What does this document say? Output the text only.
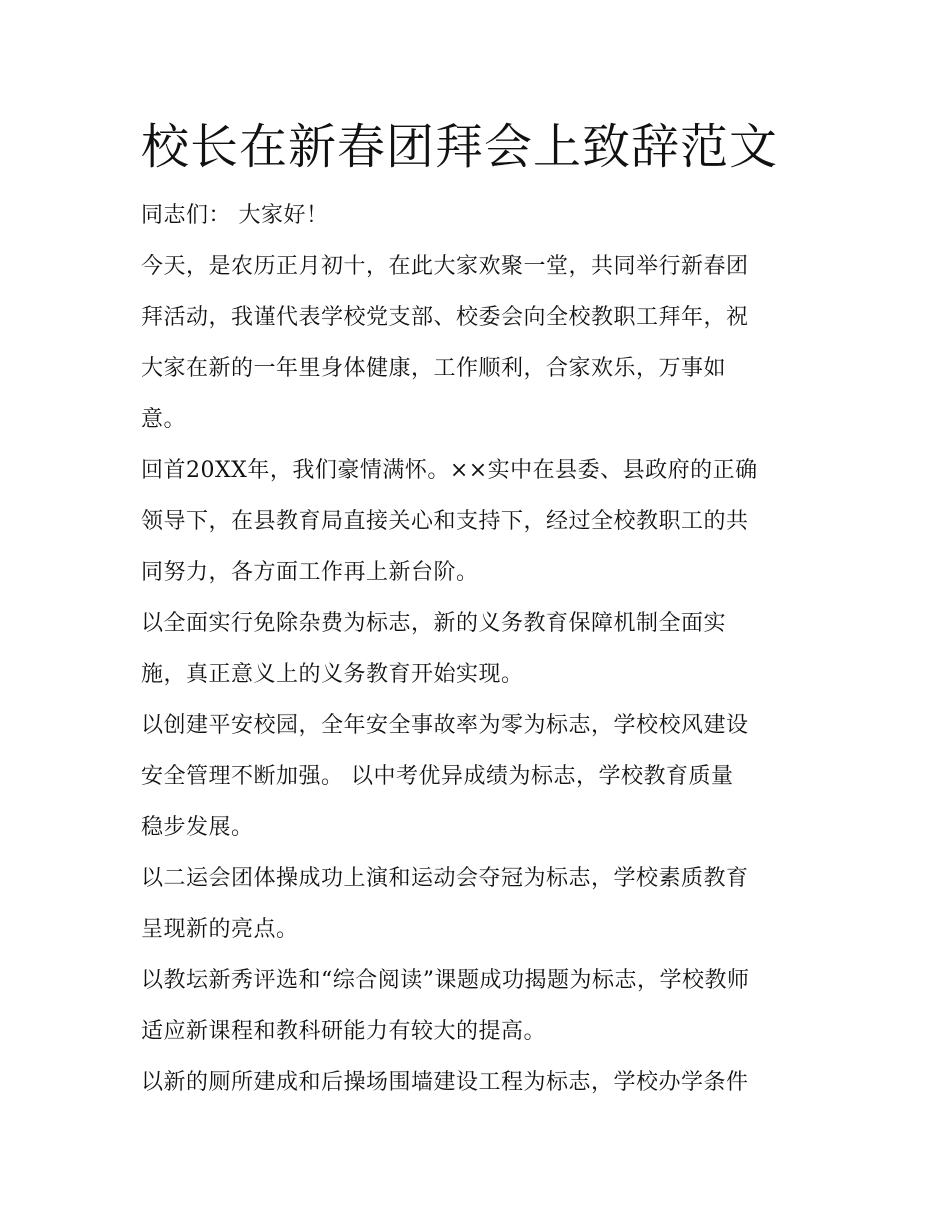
校长在新春团拜会上致辞范文

同志们： 大家好！

今天，是农历正月初十，在此大家欢聚一堂，共同举行新春团
拜活动，我谨代表学校党支部、校委会向全校教职工拜年，祝
大家在新的一年里身体健康，工作顺利，合家欢乐，万事如
意。

回首20XX年，我们豪情满怀。××实中在县委、县政府的正确
领导下，在县教育局直接关心和支持下，经过全校教职工的共
同努力，各方面工作再上新台阶。

以全面实行免除杂费为标志，新的义务教育保障机制全面实
施，真正意义上的义务教育开始实现。

以创建平安校园，全年安全事故率为零为标志，学校校风建设
安全管理不断加强。 以中考优异成绩为标志，学校教育质量
稳步发展。

以二运会团体操成功上演和运动会夺冠为标志，学校素质教育
呈现新的亮点。

以教坛新秀评选和“综合阅读”课题成功揭题为标志，学校教师
适应新课程和教科研能力有较大的提高。

以新的厕所建成和后操场围墙建设工程为标志，学校办学条件
